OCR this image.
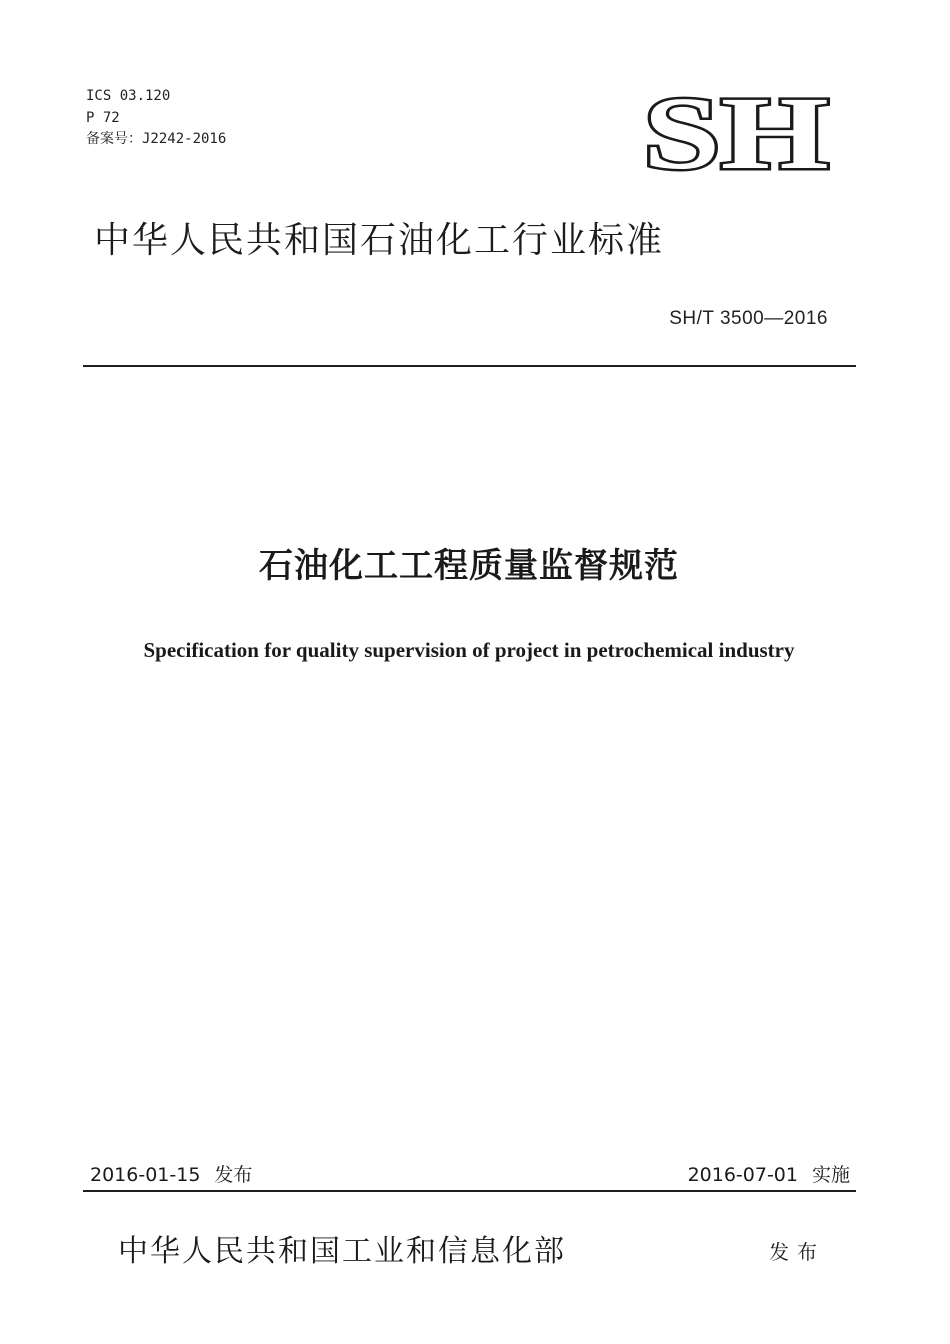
ICS 03.120
P 72
备案号：J2242-2016	SH
中华人民共和国石油化工行业标准
SH/T 3500—2016
石油化工工程质量监督规范
Specification for quality supervision of project in petrochemical industry
2016-01-15 发布	2016-07-01 实施
中华人民共和国工业和信息化部	发布
